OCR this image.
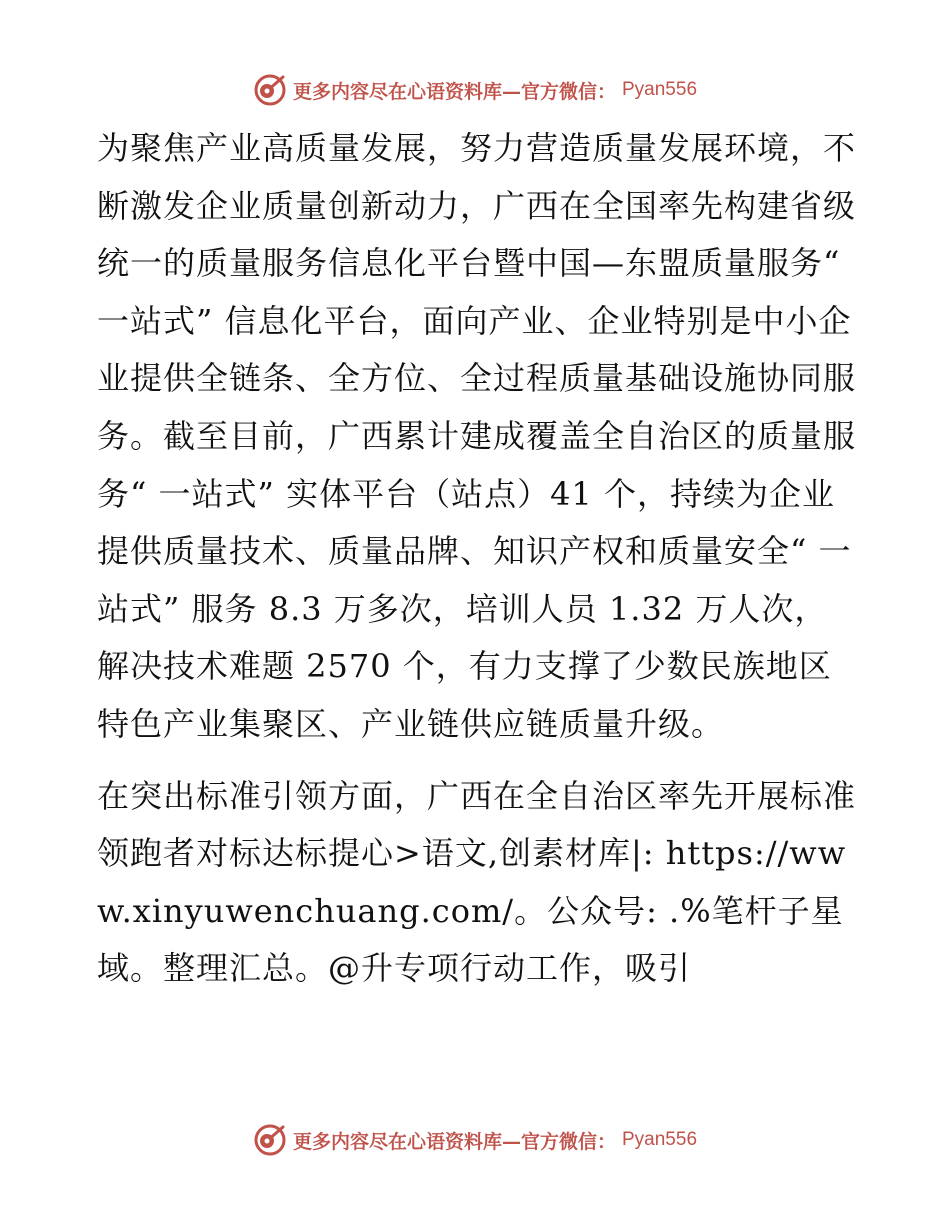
更多内容尽在心语资料库—官方微信： Pyan556

为聚焦产业高质量发展，努力营造质量发展环境，不断激发企业质量创新动力，广西在全国率先构建省级统一的质量服务信息化平台暨中国—东盟质量服务“ 一站式” 信息化平台，面向产业、企业特别是中小企业提供全链条、全方位、全过程质量基础设施协同服务。截至目前，广西累计建成覆盖全自治区的质量服务“ 一站式” 实体平台（站点）41 个，持续为企业提供质量技术、质量品牌、知识产权和质量安全“ 一站式” 服务 8.3 万多次，培训人员 1.32 万人次，解决技术难题 2570 个，有力支撑了少数民族地区特色产业集聚区、产业链供应链质量升级。

在突出标准引领方面，广西在全自治区率先开展标准领跑者对标达标提心>语文,创素材库|: https://www.xinyuwenchuang.com/。公众号: .%笔杆子星域。整理汇总。@升专项行动工作，吸引

更多内容尽在心语资料库—官方微信： Pyan556
